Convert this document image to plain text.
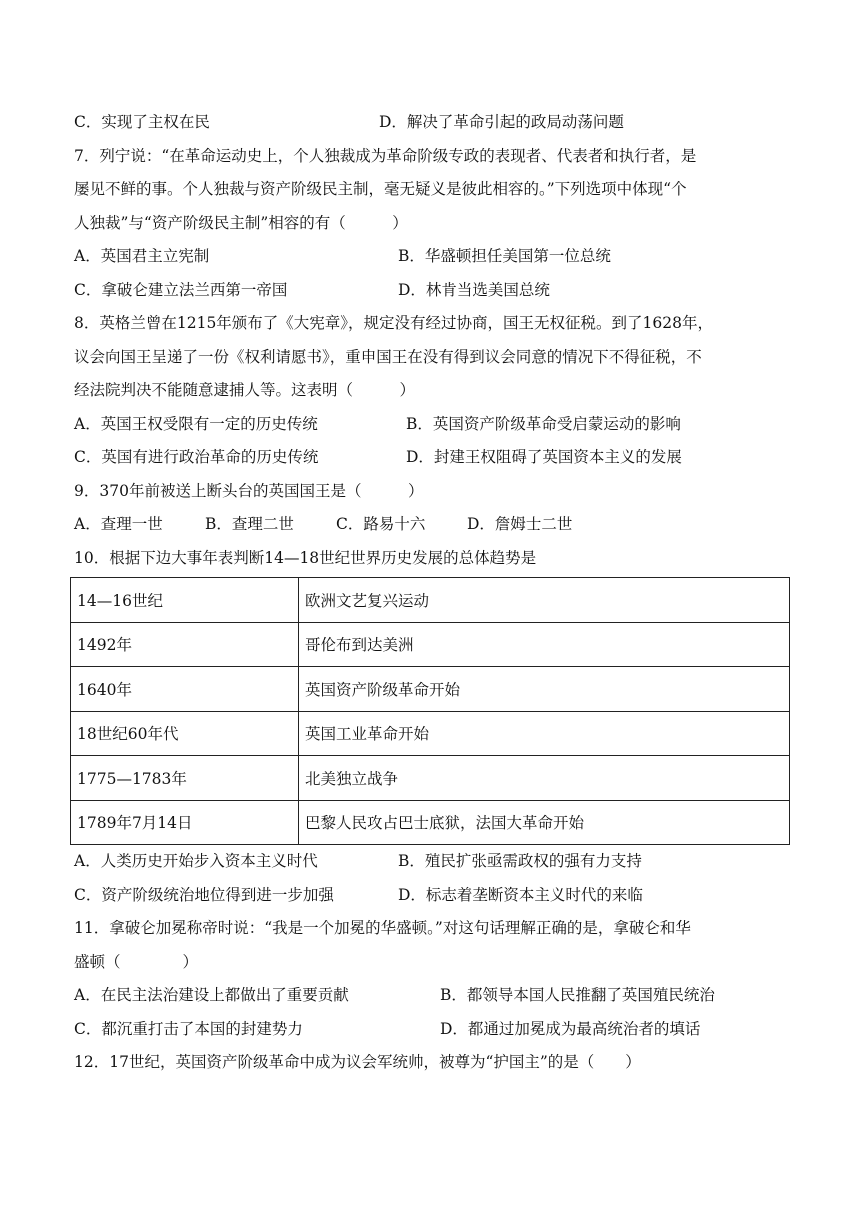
C．实现了主权在民	D．解决了革命引起的政局动荡问题
7．列宁说：“在革命运动史上，个人独裁成为革命阶级专政的表现者、代表者和执行者，是
屡见不鲜的事。个人独裁与资产阶级民主制，毫无疑义是彼此相容的。”下列选项中体现“个
人独裁”与“资产阶级民主制”相容的有（　　　）
A．英国君主立宪制	B．华盛顿担任美国第一位总统
C．拿破仑建立法兰西第一帝国	D．林肯当选美国总统
8．英格兰曾在1215年颁布了《大宪章》，规定没有经过协商，国王无权征税。到了1628年，
议会向国王呈递了一份《权利请愿书》，重申国王在没有得到议会同意的情况下不得征税，不
经法院判决不能随意逮捕人等。这表明（　　　）
A．英国王权受限有一定的历史传统	B．英国资产阶级革命受启蒙运动的影响
C．英国有进行政治革命的历史传统	D．封建王权阻碍了英国资本主义的发展
9．370年前被送上断头台的英国国王是（　　　）
A．查理一世	B．查理二世	C．路易十六	D．詹姆士二世
10．根据下边大事年表判断14—18世纪世界历史发展的总体趋势是
14—16世纪	欧洲文艺复兴运动
1492年	哥伦布到达美洲
1640年	英国资产阶级革命开始
18世纪60年代	英国工业革命开始
1775—1783年	北美独立战争
1789年7月14日	巴黎人民攻占巴士底狱，法国大革命开始
A．人类历史开始步入资本主义时代	B．殖民扩张亟需政权的强有力支持
C．资产阶级统治地位得到进一步加强	D．标志着垄断资本主义时代的来临
11．拿破仑加冕称帝时说：“我是一个加冕的华盛顿。”对这句话理解正确的是，拿破仑和华
盛顿（　　　　）
A．在民主法治建设上都做出了重要贡献	B．都领导本国人民推翻了英国殖民统治
C．都沉重打击了本国的封建势力	D．都通过加冕成为最高统治者的填话
12．17世纪，英国资产阶级革命中成为议会军统帅，被尊为“护国主”的是（　　）
